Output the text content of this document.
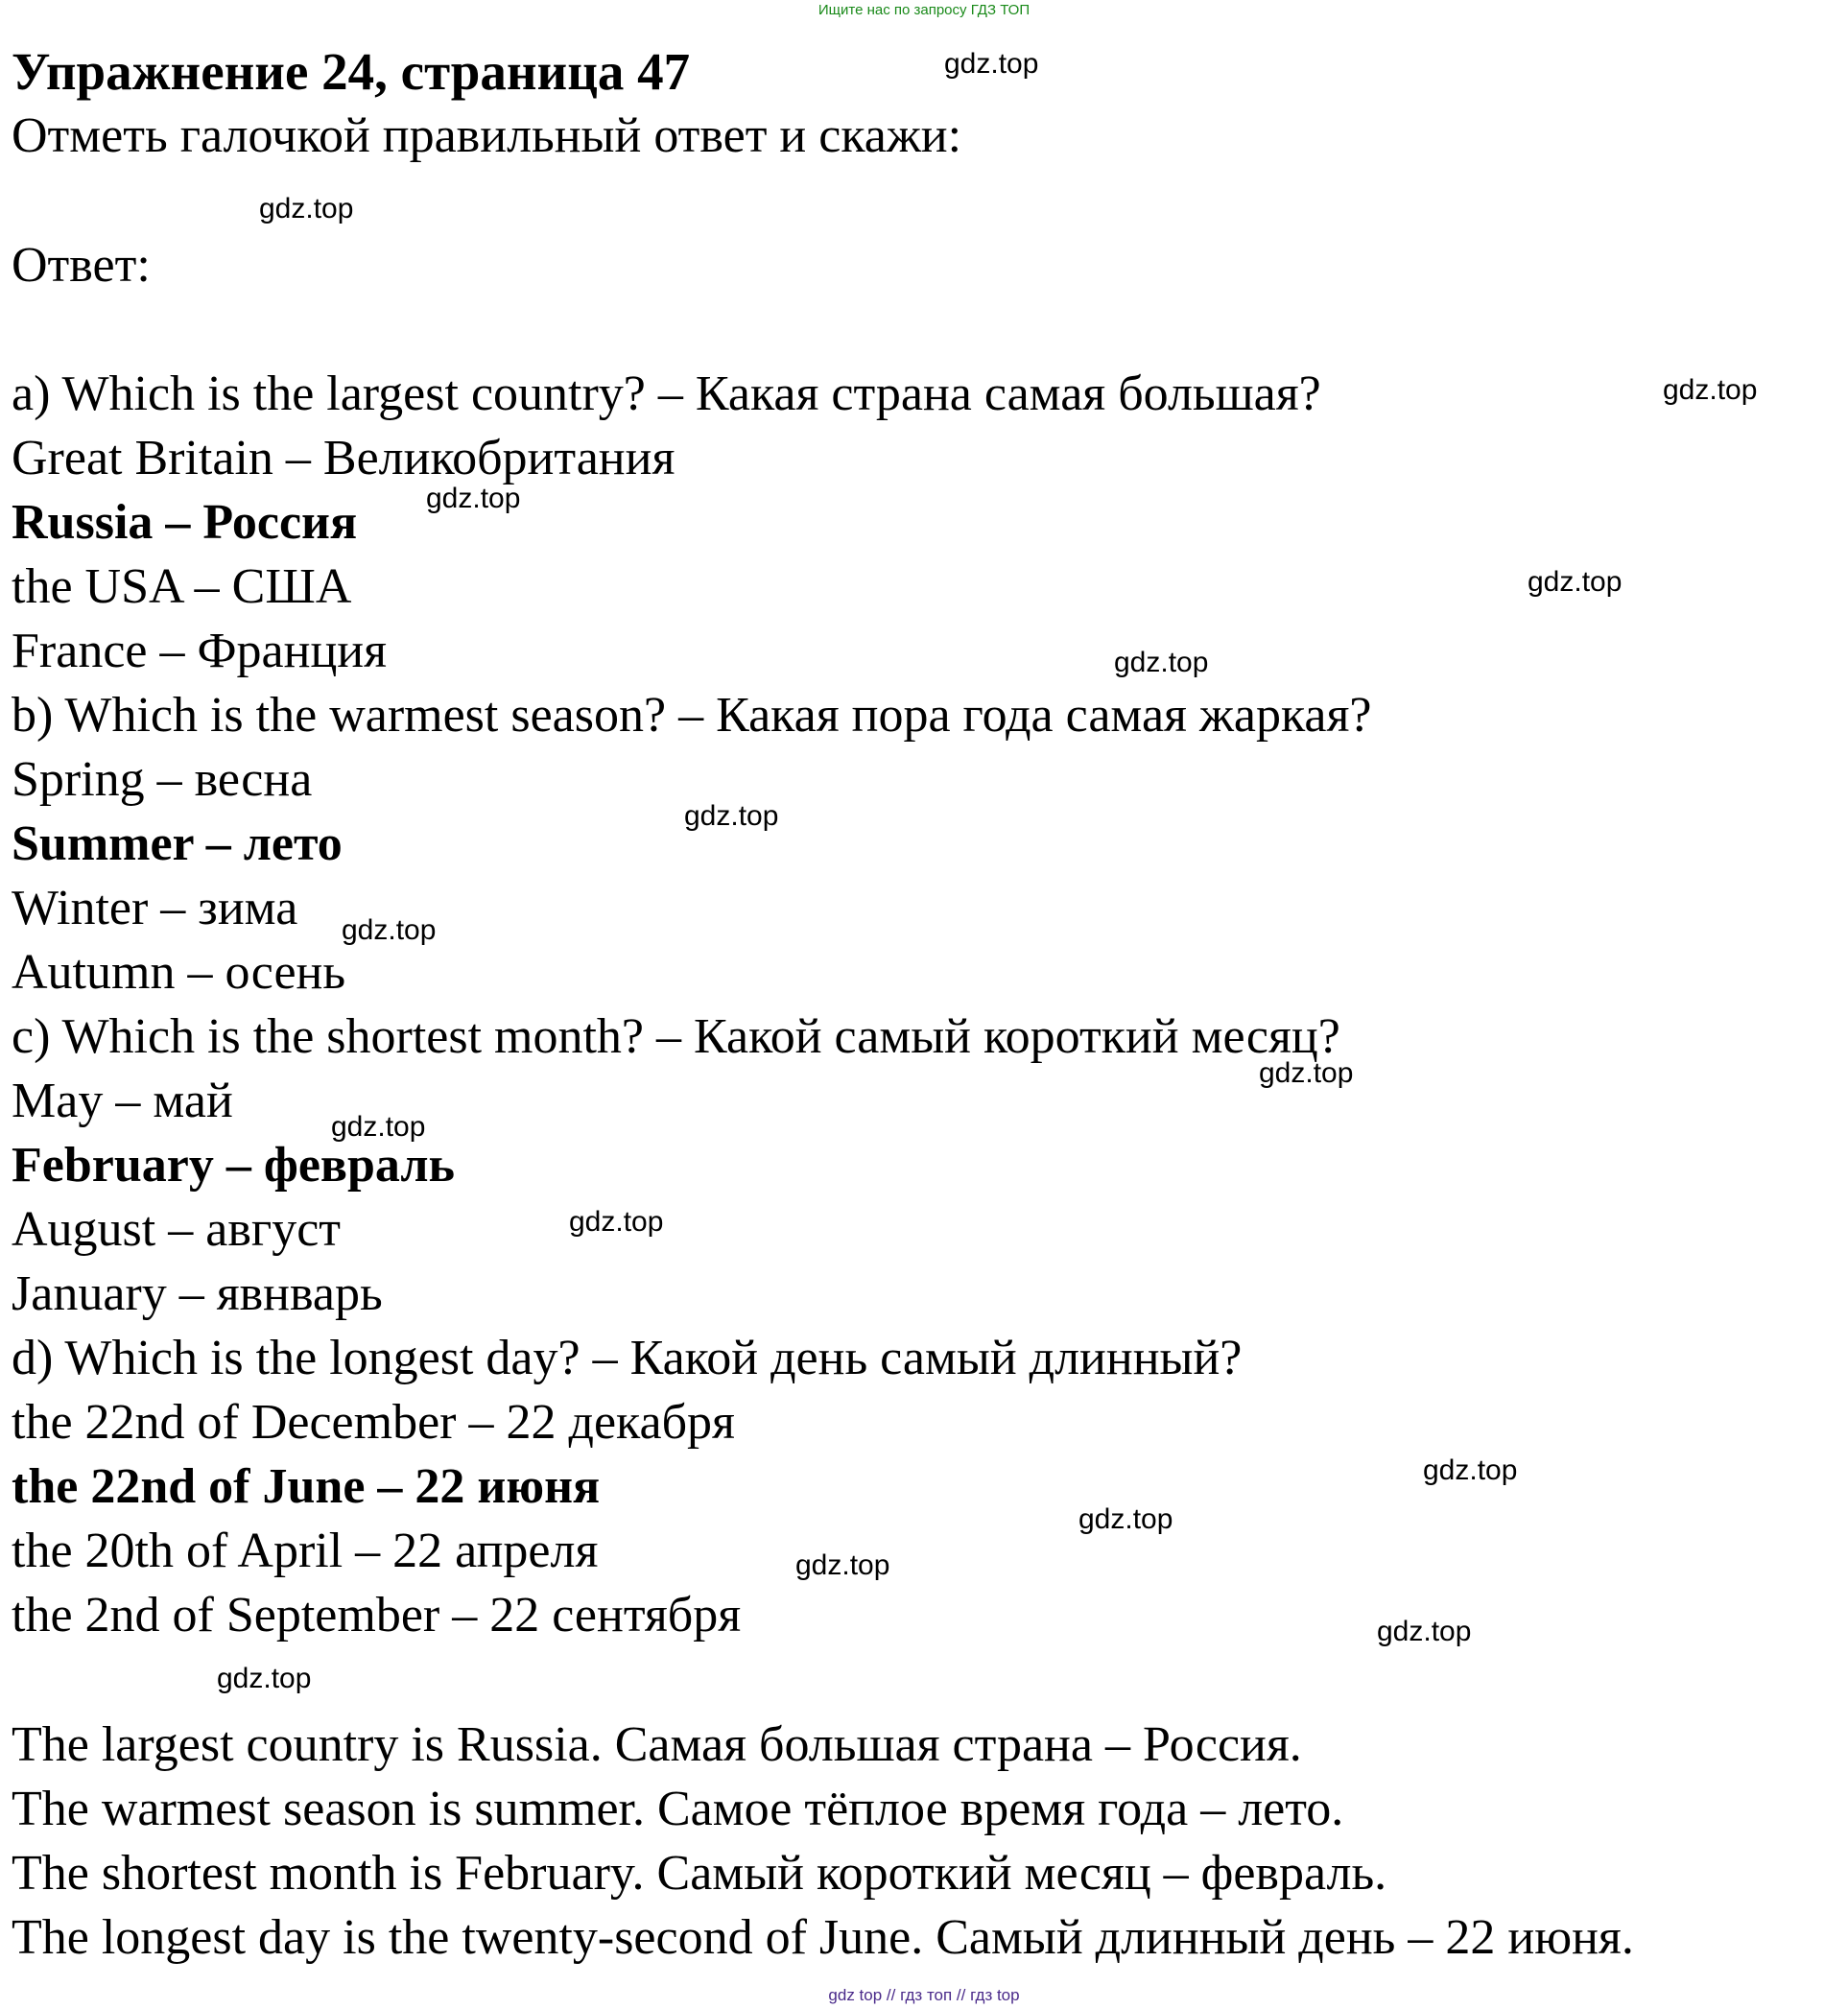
Ищите нас по запросу ГДЗ ТОП
Упражнение 24, страница 47
Отметь галочкой правильный ответ и скажи:
Ответ:
a) Which is the largest country? – Какая страна самая большая?
Great Britain – Великобритания
Russia – Россия
the USA – США
France – Франция
b) Which is the warmest season? – Какая пора года самая жаркая?
Spring – весна
Summer – лето
Winter – зима
Autumn – осень
c) Which is the shortest month? – Какой самый короткий месяц?
May – май
February – февраль
August – август
January – явнварь
d) Which is the longest day? – Какой день самый длинный?
the 22nd of December – 22 декабря
the 22nd of June – 22 июня
the 20th of April – 22 апреля
the 2nd of September – 22 сентября
The largest country is Russia. Самая большая страна – Россия.
The warmest season is summer. Самое тёплое время года – лето.
The shortest month is February. Самый короткий месяц – февраль.
The longest day is the twenty-second of June. Самый длинный день – 22 июня.
gdz.top
gdz.top
gdz.top
gdz.top
gdz.top
gdz.top
gdz.top
gdz.top
gdz.top
gdz.top
gdz.top
gdz.top
gdz.top
gdz.top
gdz.top
gdz.top
gdz top // гдз топ // гдз top
